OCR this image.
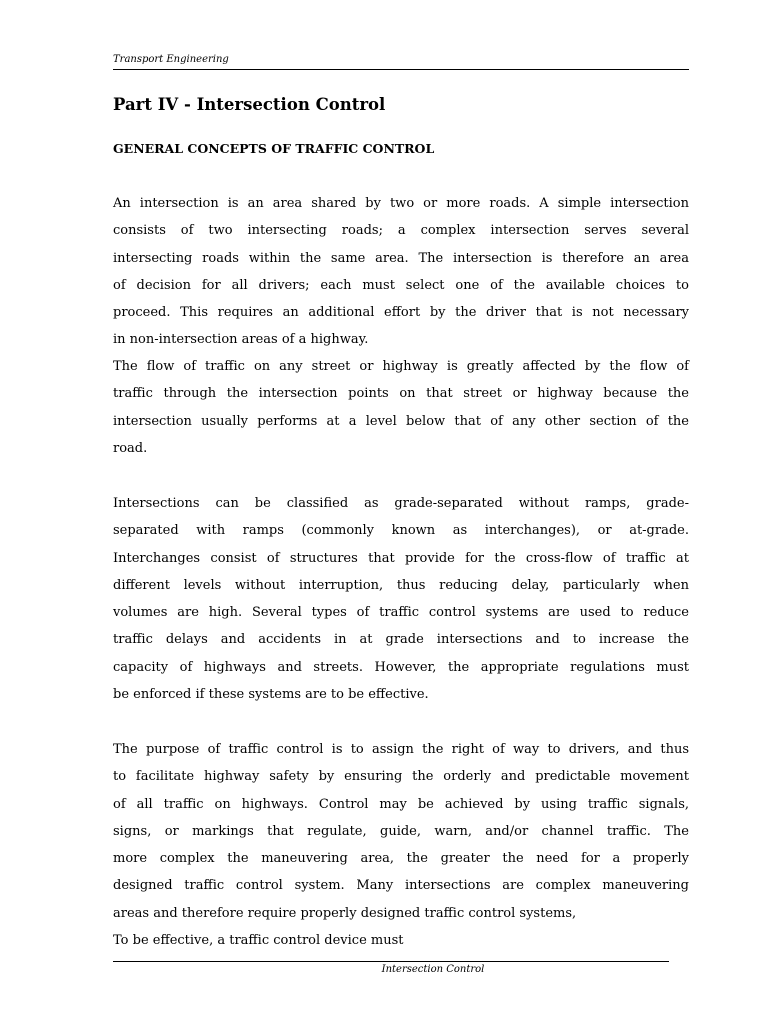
Transport Engineering
Part IV - Intersection Control
GENERAL CONCEPTS OF TRAFFIC CONTROL

An intersection is an area shared by two or more roads. A simple intersection
consists of two intersecting roads; a complex intersection serves several
intersecting roads within the same area. The intersection is therefore an area
of decision for all drivers; each must select one of the available choices to
proceed. This requires an additional effort by the driver that is not necessary
in non-intersection areas of a highway.

The flow of traffic on any street or highway is greatly affected by the flow of
traffic through the intersection points on that street or highway because the
intersection usually performs at a level below that of any other section of the
road.

Intersections can be classified as grade-separated without ramps, grade-
separated with ramps (commonly known as interchanges), or at-grade.
Interchanges consist of structures that provide for the cross-flow of traffic at
different levels without interruption, thus reducing delay, particularly when
volumes are high. Several types of traffic control systems are used to reduce
traffic delays and accidents in at grade intersections and to increase the
capacity of highways and streets. However, the appropriate regulations must
be enforced if these systems are to be effective.

The purpose of traffic control is to assign the right of way to drivers, and thus
to facilitate highway safety by ensuring the orderly and predictable movement
of all traffic on highways. Control may be achieved by using traffic signals,
signs, or markings that regulate, guide, warn, and/or channel traffic. The
more complex the maneuvering area, the greater the need for a properly
designed traffic control system. Many intersections are complex maneuvering
areas and therefore require properly designed traffic control systems,
To be effective, a traffic control device must

Intersection Control
